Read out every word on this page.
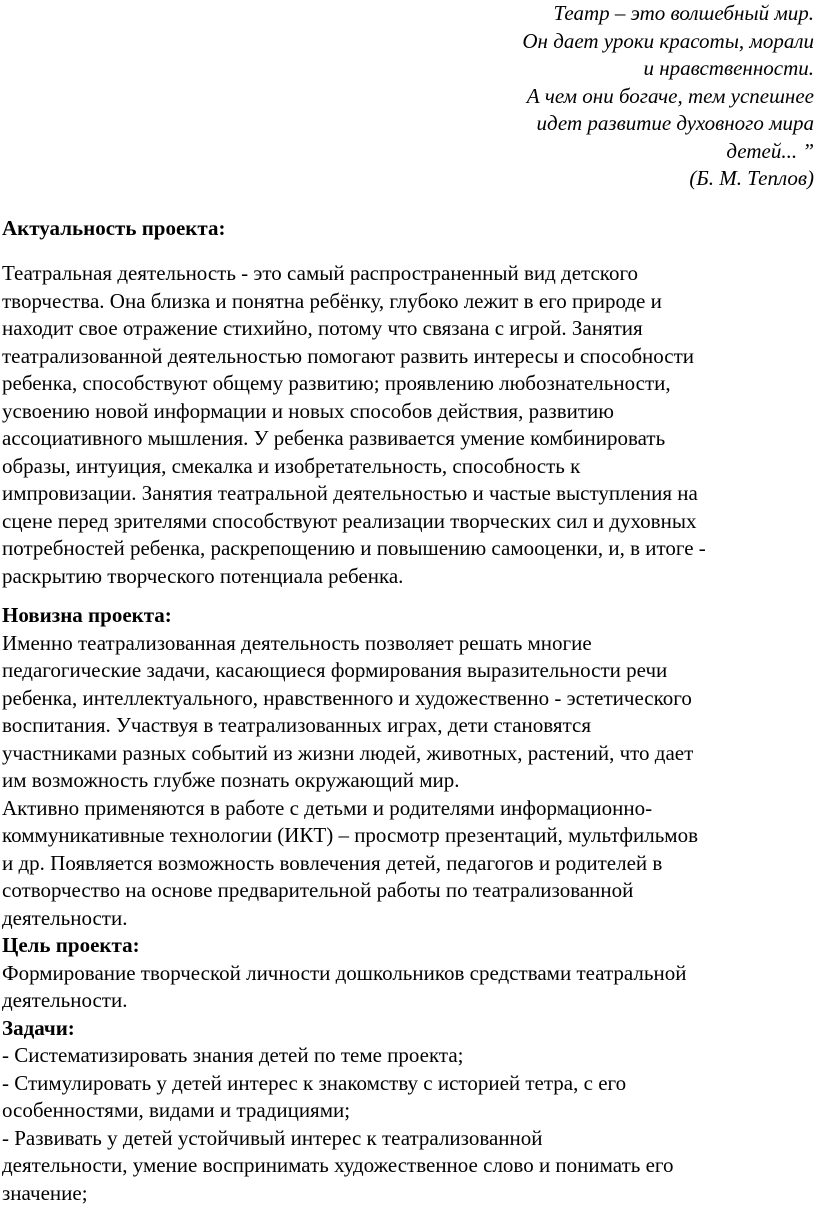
Театр – это волшебный мир.
Он дает уроки красоты, морали
и нравственности.
А чем они богаче, тем успешнее
идет развитие духовного мира
детей... ”
(Б. М. Теплов)
Актуальность проекта:
Театральная деятельность - это самый распространенный вид детского
творчества. Она близка и понятна ребёнку, глубоко лежит в его природе и
находит свое отражение стихийно, потому что связана с игрой. Занятия
театрализованной деятельностью помогают развить интересы и способности
ребенка, способствуют общему развитию; проявлению любознательности,
усвоению новой информации и новых способов действия, развитию
ассоциативного мышления. У ребенка развивается умение комбинировать
образы, интуиция, смекалка и изобретательность, способность к
импровизации. Занятия театральной деятельностью и частые выступления на
сцене перед зрителями способствуют реализации творческих сил и духовных
потребностей ребенка, раскрепощению и повышению самооценки, и, в итоге -
раскрытию творческого потенциала ребенка.
Новизна проекта:
Именно театрализованная деятельность позволяет решать многие
педагогические задачи, касающиеся формирования выразительности речи
ребенка, интеллектуального, нравственного и художественно - эстетического
воспитания. Участвуя в театрализованных играх, дети становятся
участниками разных событий из жизни людей, животных, растений, что дает
им возможность глубже познать окружающий мир.
Активно применяются в работе с детьми и родителями информационно-
коммуникативные технологии (ИКТ) – просмотр презентаций, мультфильмов
и др. Появляется возможность вовлечения детей, педагогов и родителей в
сотворчество на основе предварительной работы по театрализованной
деятельности.
Цель проекта:
Формирование творческой личности дошкольников средствами театральной
деятельности.
Задачи:
- Систематизировать знания детей по теме проекта;
- Стимулировать у детей интерес к знакомству с историей тетра, с его
особенностями, видами и традициями;
- Развивать у детей устойчивый интерес к театрализованной
деятельности, умение воспринимать художественное слово и понимать его
значение;
